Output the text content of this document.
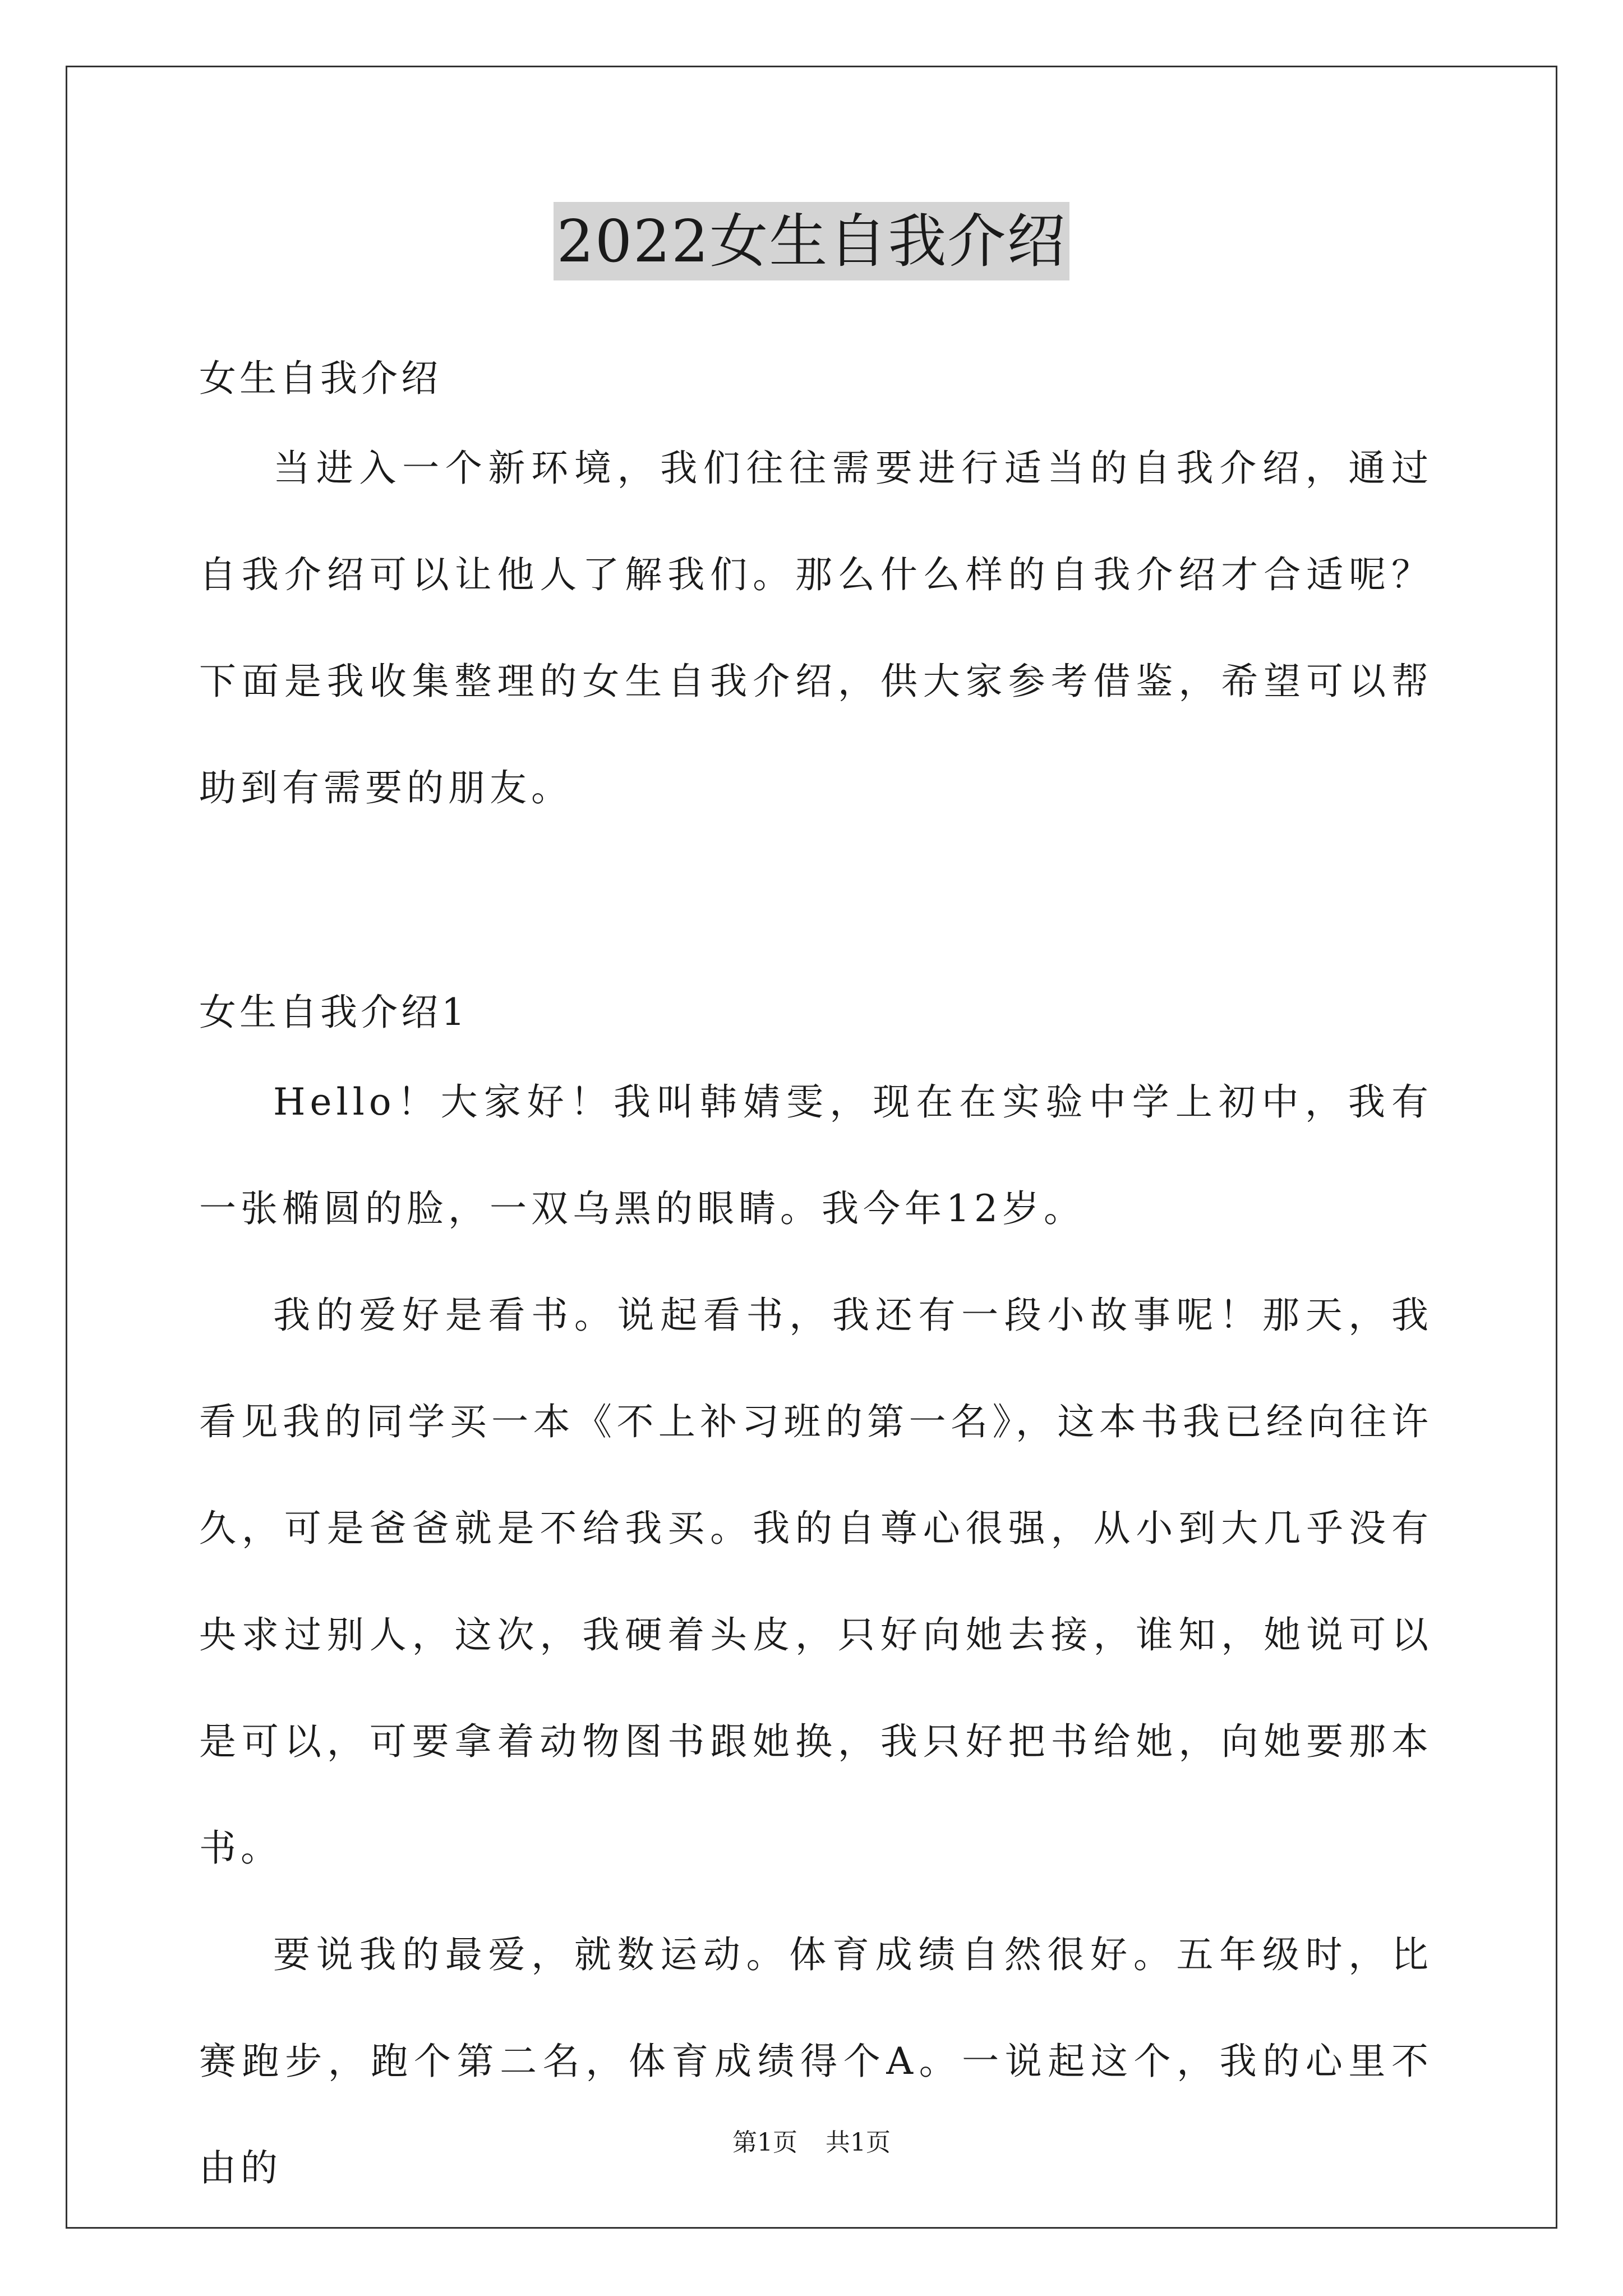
2022女生自我介绍

女生自我介绍

当进入一个新环境，我们往往需要进行适当的自我介绍，通过自我介绍可以让他人了解我们。那么什么样的自我介绍才合适呢？下面是我收集整理的女生自我介绍，供大家参考借鉴，希望可以帮助到有需要的朋友。

女生自我介绍1

Hello！大家好！我叫韩婧雯，现在在实验中学上初中，我有一张椭圆的脸，一双乌黑的眼睛。我今年12岁。

我的爱好是看书。说起看书，我还有一段小故事呢！那天，我看见我的同学买一本《不上补习班的第一名》，这本书我已经向往许久，可是爸爸就是不给我买。我的自尊心很强，从小到大几乎没有央求过别人，这次，我硬着头皮，只好向她去接，谁知，她说可以是可以，可要拿着动物图书跟她换，我只好把书给她，向她要那本书。

要说我的最爱，就数运动。体育成绩自然很好。五年级时，比赛跑步，跑个第二名，体育成绩得个A。一说起这个，我的心里不由的

第1页 共1页
